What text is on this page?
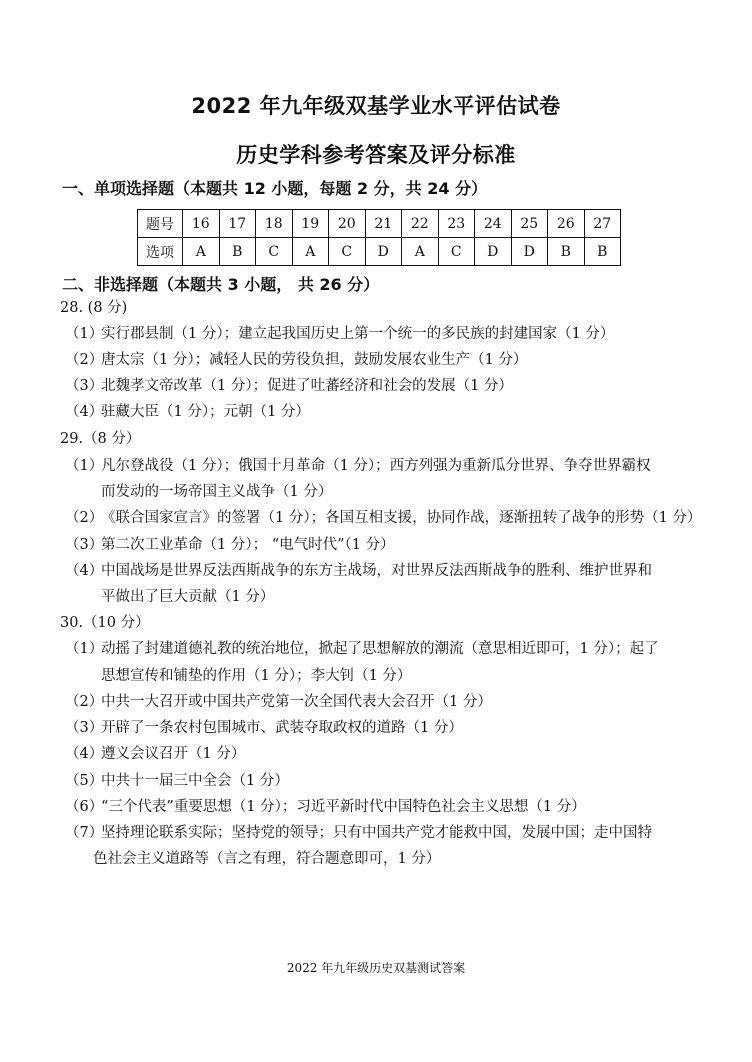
2022 年九年级双基学业水平评估试卷
历史学科参考答案及评分标准
一、单项选择题（本题共 12 小题，每题 2 分，共 24 分）
题号	16	17	18	19	20	21	22	23	24	25	26	27
选项	A	B	C	A	C	D	A	C	D	D	B	B
二、非选择题（本题共 3 小题， 共 26 分）
28. (8 分)
（1）实行郡县制（1 分）；建立起我国历史上第一个统一的多民族的封建国家（1 分）
（2）唐太宗（1 分）；减轻人民的劳役负担，鼓励发展农业生产（1 分）
（3）北魏孝文帝改革（1 分）；促进了吐蕃经济和社会的发展（1 分）
（4）驻藏大臣（1 分）；元朝（1 分）
29.（8 分）
（1）凡尔登战役（1 分）；俄国十月革命（1 分）；西方列强为重新瓜分世界、争夺世界霸权
而发动的一场帝国主义战争（1 分）
（2）《联合国家宣言》的签署（1 分）；各国互相支援，协同作战，逐渐扭转了战争的形势（1 分）
（3）第二次工业革命（1 分）； “电气时代”（1 分）
（4）中国战场是世界反法西斯战争的东方主战场，对世界反法西斯战争的胜利、维护世界和
平做出了巨大贡献（1 分）
30.（10 分）
（1）动摇了封建道德礼教的统治地位，掀起了思想解放的潮流（意思相近即可，1 分）；起了
思想宣传和铺垫的作用（1 分）；李大钊（1 分）
（2）中共一大召开或中国共产党第一次全国代表大会召开（1 分）
（3）开辟了一条农村包围城市、武装夺取政权的道路（1 分）
（4）遵义会议召开（1 分）
（5）中共十一届三中全会（1 分）
（6）“三个代表”重要思想（1 分）；习近平新时代中国特色社会主义思想（1 分）
（7）坚持理论联系实际；坚持党的领导；只有中国共产党才能救中国，发展中国；走中国特
色社会主义道路等（言之有理，符合题意即可，1 分）
2022 年九年级历史双基测试答案
